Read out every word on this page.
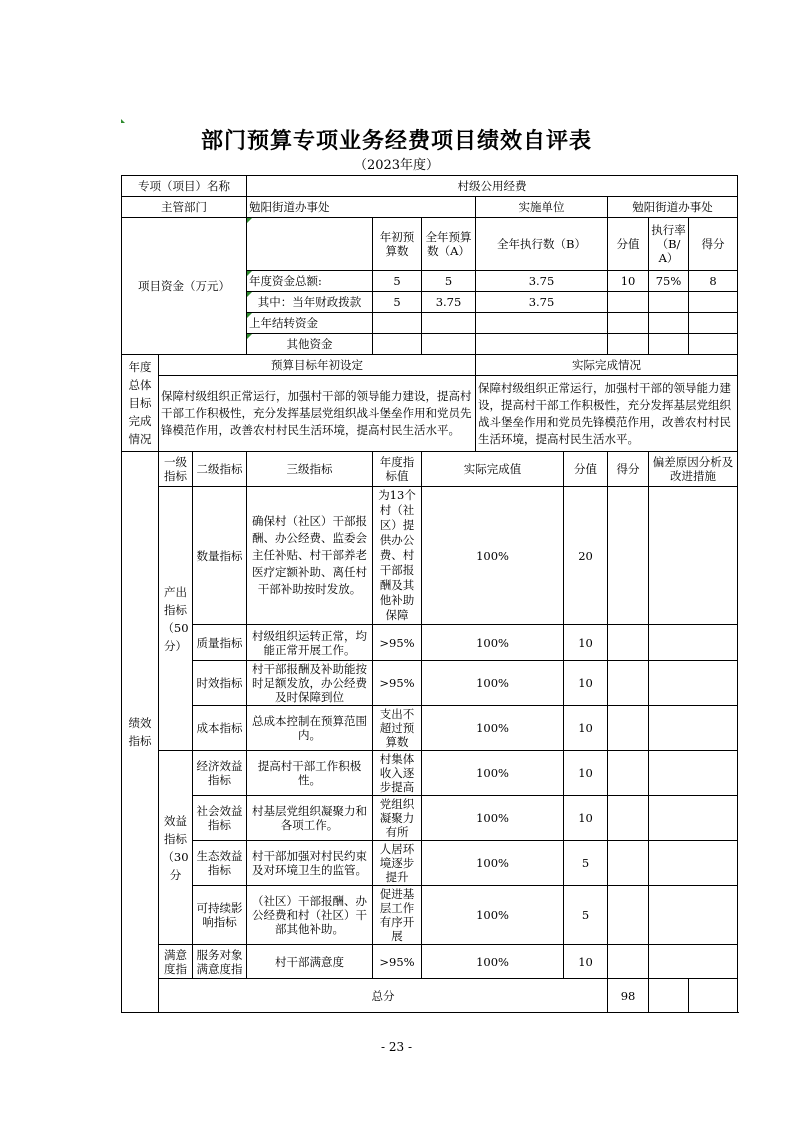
部门预算专项业务经费项目绩效自评表
（2023年度）
专项（项目）名称			村级公用经费							
主管部门			勉阳街道办事处			实施单位		勉阳街道办事处		
项目资金（万元）				年初预算数	全年预算数（A）	全年执行数（B）		分值	执行率（B/A）	得分
			年度资金总额:	5	5	3.75		10	75%	8
			其中：当年财政拨款	5	3.75	3.75				
			上年结转资金							
			其他资金							
年度总体目标完成情况	预算目标年初设定					实际完成情况				
	保障村级组织正常运行，加强村干部的领导能力建设，提高村干部工作积极性，充分发挥基层党组织战斗堡垒作用和党员先锋模范作用，改善农村村民生活环境，提高村民生活水平。					保障村级组织正常运行，加强村干部的领导能力建设，提高村干部工作积极性，充分发挥基层党组织战斗堡垒作用和党员先锋模范作用，改善农村村民生活环境，提高村民生活水平。				
绩效指标	一级指标	二级指标	三级指标	年度指标值	实际完成值		分值	得分	偏差原因分析及改进措施	
	产出指标（50分）	数量指标	确保村（社区）干部报酬、办公经费、监委会主任补贴、村干部养老医疗定额补助、离任村干部补助按时发放。	为13个村（社区）提供办公费、村干部报酬及其他补助保障	100%		20			
		质量指标	村级组织运转正常，均能正常开展工作。	>95%	100%		10			
		时效指标	村干部报酬及补助能按时足额发放，办公经费及时保障到位	>95%	100%		10			
		成本指标	总成本控制在预算范围内。	支出不超过预算数	100%		10			
	效益指标（30分	经济效益指标	提高村干部工作积极性。	村集体收入逐步提高	100%		10			
		社会效益指标	村基层党组织凝聚力和各项工作。	党组织凝聚力有所	100%		10			
		生态效益指标	村干部加强对村民约束及对环境卫生的监管。	人居环境逐步提升	100%		5			
		可持续影响指标	（社区）干部报酬、办公经费和村（社区）干部其他补助。	促进基层工作有序开展	100%		5			
	满意度指	服务对象满意度指	村干部满意度	>95%	100%		10			
	总分							98		
- 23 -
